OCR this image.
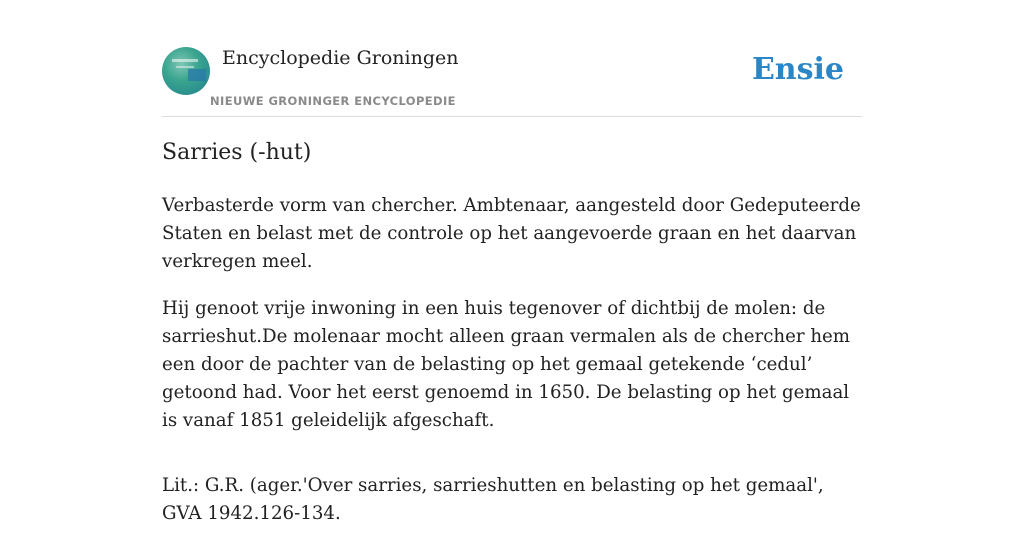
Encyclopedie Groningen
NIEUWE GRONINGER ENCYCLOPEDIE
Ensie
Sarries (-hut)

Verbasterde vorm van chercher. Ambtenaar, aangesteld door Gedeputeerde Staten en belast met de controle op het aangevoerde graan en het daarvan verkregen meel.

Hij genoot vrije inwoning in een huis tegenover of dichtbij de molen: de sarrieshut.De molenaar mocht alleen graan vermalen als de chercher hem een door de pachter van de belasting op het gemaal getekende ‘cedul’ getoond had. Voor het eerst genoemd in 1650. De belasting op het gemaal is vanaf 1851 geleidelijk afgeschaft.

Lit.: G.R. (ager.'Over sarries, sarrieshutten en belasting op het gemaal', GVA 1942.126-134.
